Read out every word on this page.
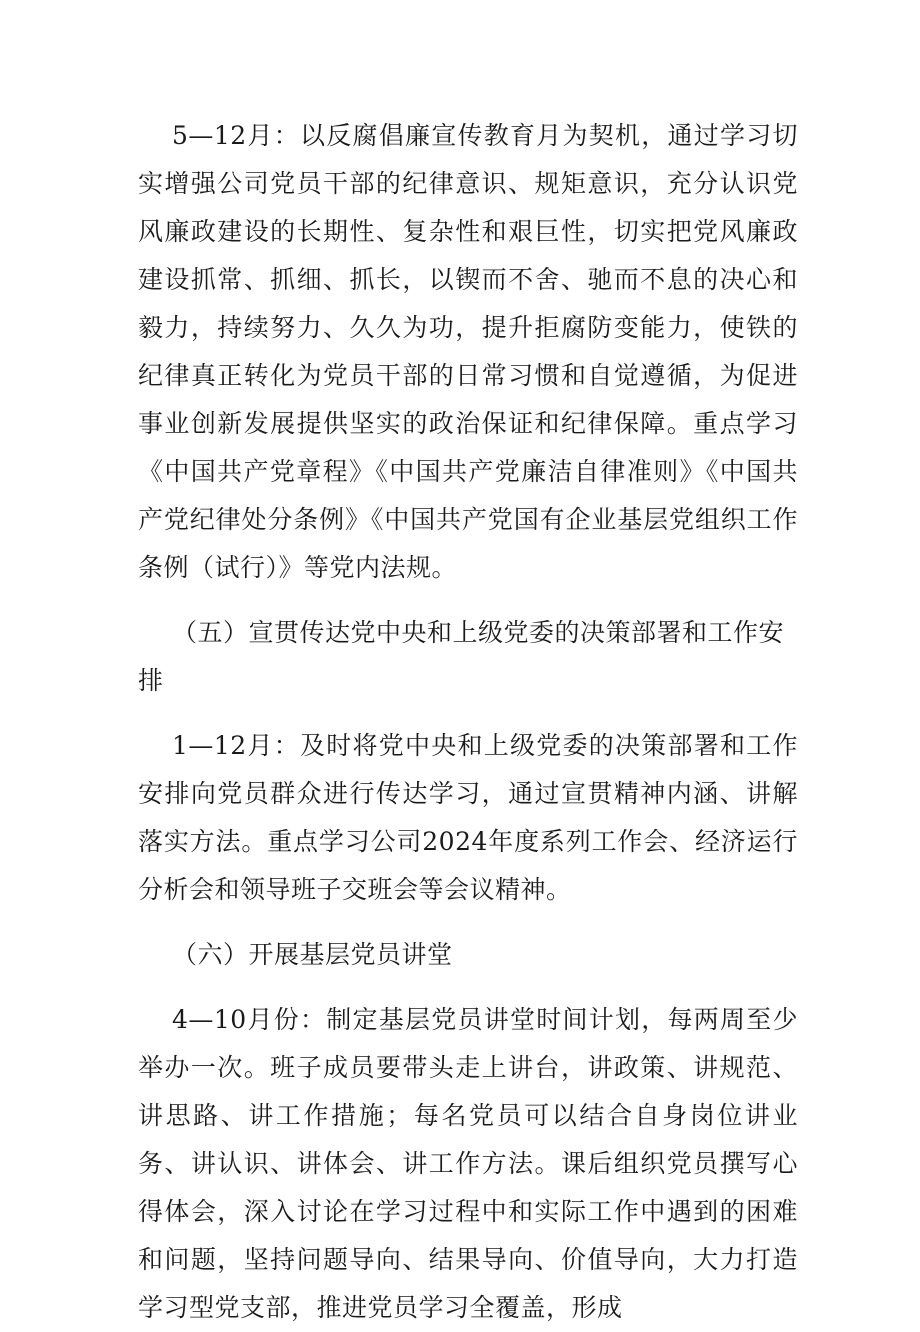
5—12月：以反腐倡廉宣传教育月为契机，通过学习切实增强公司党员干部的纪律意识、规矩意识，充分认识党风廉政建设的长期性、复杂性和艰巨性，切实把党风廉政建设抓常、抓细、抓长，以锲而不舍、驰而不息的决心和毅力，持续努力、久久为功，提升拒腐防变能力，使铁的纪律真正转化为党员干部的日常习惯和自觉遵循，为促进事业创新发展提供坚实的政治保证和纪律保障。重点学习《中国共产党章程》《中国共产党廉洁自律准则》《中国共产党纪律处分条例》《中国共产党国有企业基层党组织工作条例（试行）》等党内法规。

（五）宣贯传达党中央和上级党委的决策部署和工作安排

1—12月：及时将党中央和上级党委的决策部署和工作安排向党员群众进行传达学习，通过宣贯精神内涵、讲解落实方法。重点学习公司2024年度系列工作会、经济运行分析会和领导班子交班会等会议精神。

（六）开展基层党员讲堂

4—10月份：制定基层党员讲堂时间计划，每两周至少举办一次。班子成员要带头走上讲台，讲政策、讲规范、讲思路、讲工作措施；每名党员可以结合自身岗位讲业务、讲认识、讲体会、讲工作方法。课后组织党员撰写心得体会，深入讨论在学习过程中和实际工作中遇到的困难和问题，坚持问题导向、结果导向、价值导向，大力打造学习型党支部，推进党员学习全覆盖，形成
